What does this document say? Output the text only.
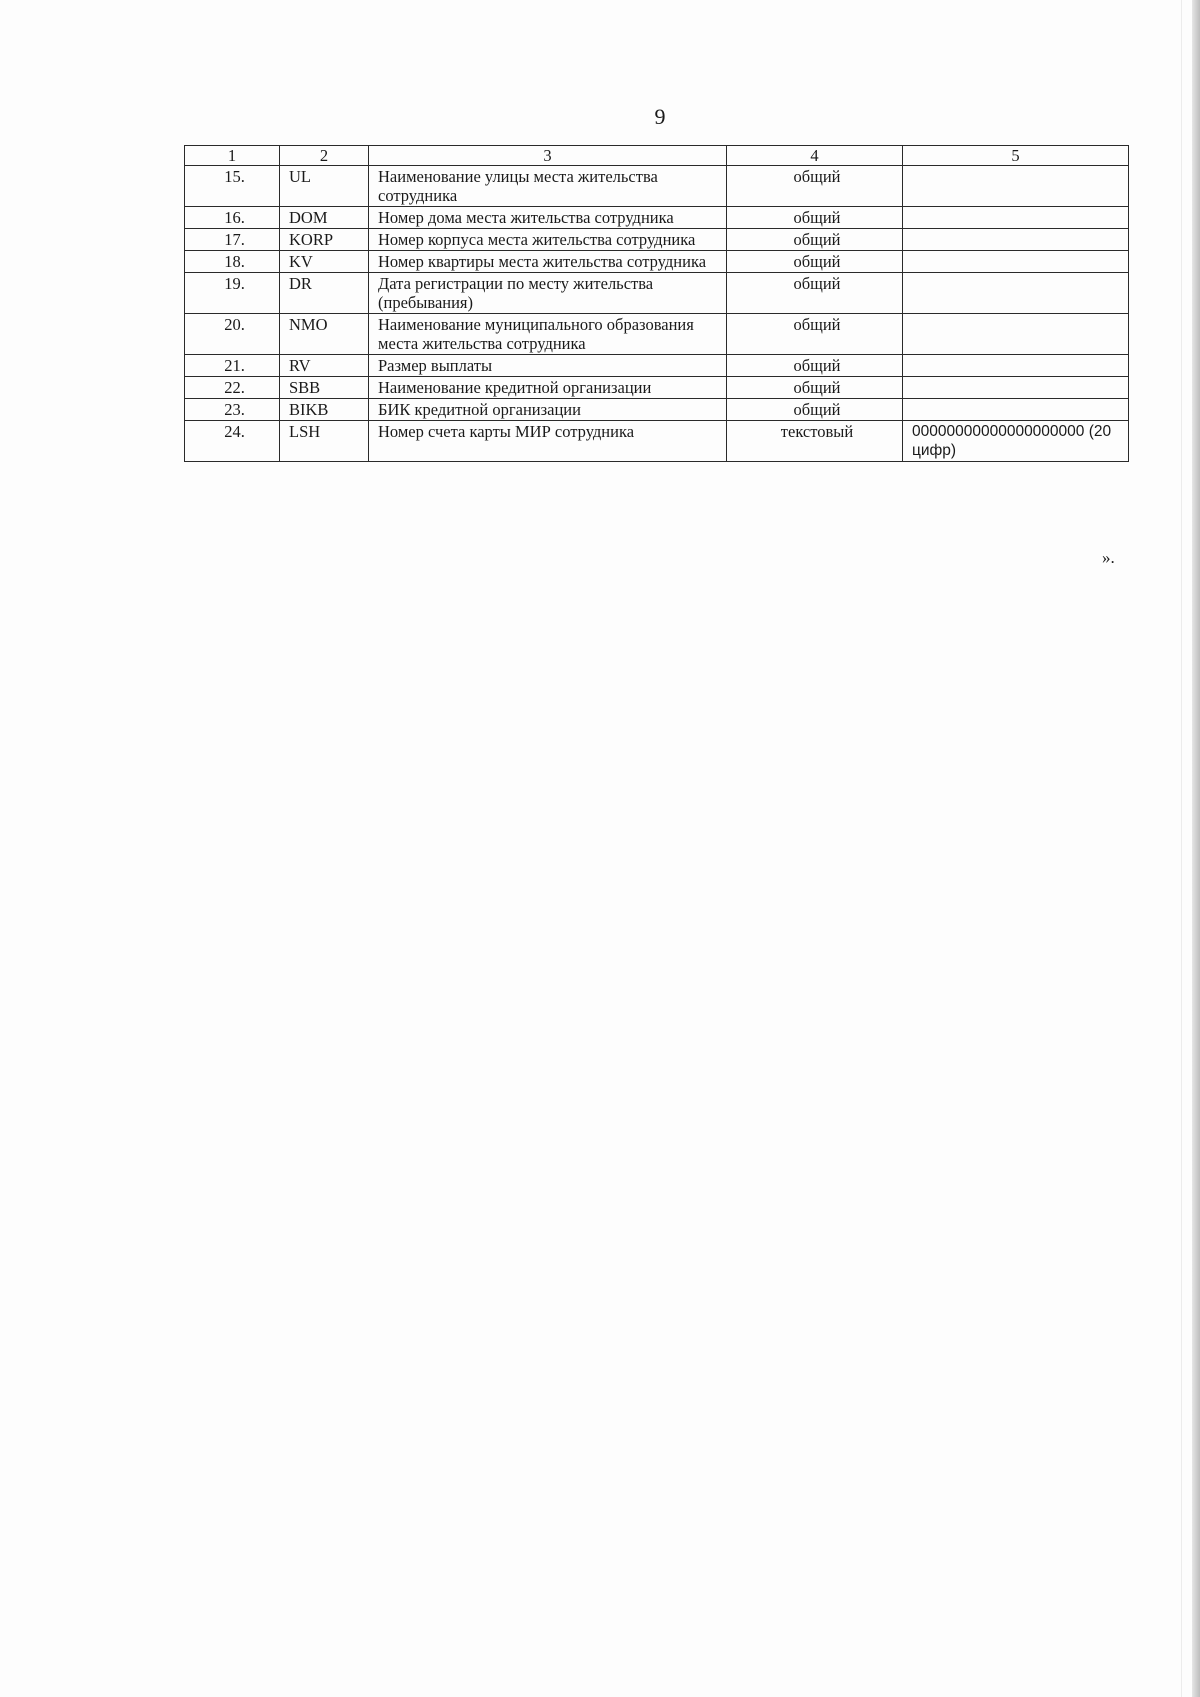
9
1	2	3	4	5
15.	UL	Наименование улицы места жительства сотрудника	общий	
16.	DOM	Номер дома места жительства сотрудника	общий	
17.	KORP	Номер корпуса места жительства сотрудника	общий	
18.	KV	Номер квартиры места жительства сотрудника	общий	
19.	DR	Дата регистрации по месту жительства (пребывания)	общий	
20.	NMO	Наименование муниципального образования места жительства сотрудника	общий	
21.	RV	Размер выплаты	общий	
22.	SBB	Наименование кредитной организации	общий	
23.	BIKB	БИК кредитной организации	общий	
24.	LSH	Номер счета карты МИР сотрудника	текстовый	00000000000000000000 (20 цифр)
».
